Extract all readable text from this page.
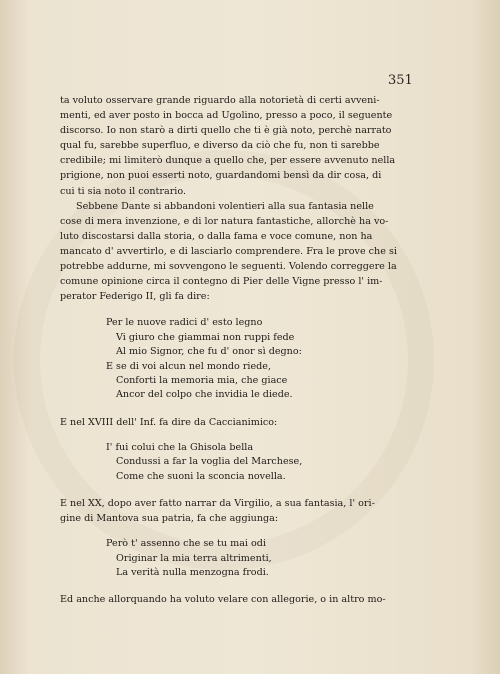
351

ta voluto osservare grande riguardo alla notorietà di certi avveni-
menti, ed aver posto in bocca ad Ugolino, presso a poco, il seguente
discorso. Io non starò a dirti quello che ti è già noto, perchè narrato
qual fu, sarebbe superfluo, e diverso da ciò che fu, non ti sarebbe
credibile; mi limiterò dunque a quello che, per essere avvenuto nella
prigione, non puoi esserti noto, guardandomi bensì da dir cosa, di
cui ti sia noto il contrario.

Sebbene Dante si abbandoni volentieri alla sua fantasia nelle
cose di mera invenzione, e di lor natura fantastiche, allorchè ha vo-
luto discostarsi dalla storia, o dalla fama e voce comune, non ha
mancato d' avvertirlo, e di lasciarlo comprendere. Fra le prove che si
potrebbe addurne, mi sovvengono le seguenti. Volendo correggere la
comune opinione circa il contegno di Pier delle Vigne presso l' im-
perator Federigo II, gli fa dire:

Per le nuove radici d' esto legno
Vi giuro che giammai non ruppi fede
Al mio Signor, che fu d' onor sì degno:
E se di voi alcun nel mondo riede,
Conforti la memoria mia, che giace
Ancor del colpo che invidia le diede.

E nel XVIII dell' Inf. fa dire da Caccianimico:

I' fui colui che la Ghisola bella
Condussi a far la voglia del Marchese,
Come che suoni la sconcia novella.

E nel XX, dopo aver fatto narrar da Virgilio, a sua fantasia, l' ori-
gine di Mantova sua patria, fa che aggiunga:

Però t' assenno che se tu mai odi
Originar la mia terra altrimenti,
La verità nulla menzogna frodi.

Ed anche allorquando ha voluto velare con allegorie, o in altro mo-
